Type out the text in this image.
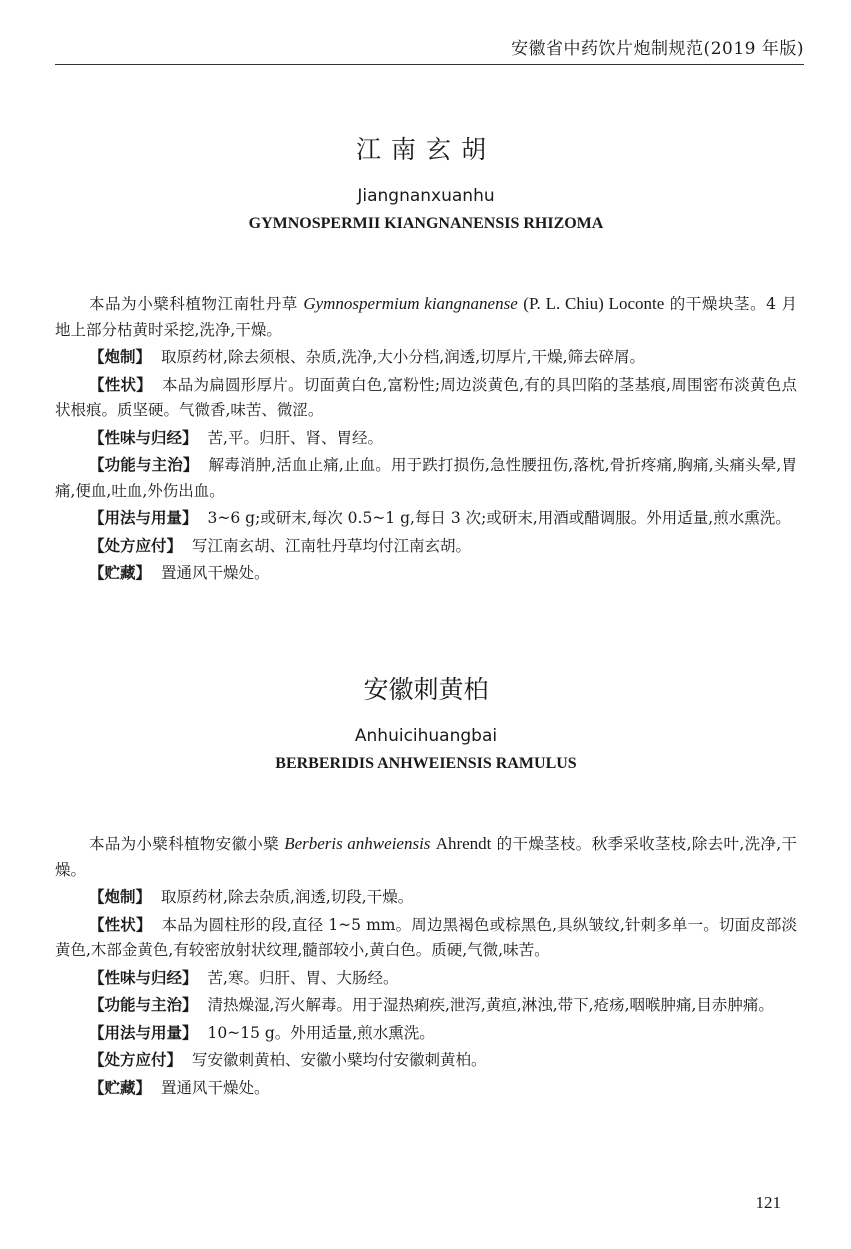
安徽省中药饮片炮制规范(2019 年版)
江南玄胡
Jiangnanxuanhu
GYMNOSPERMII KIANGNANENSIS RHIZOMA

本品为小檗科植物江南牡丹草 Gymnospermium kiangnanense (P. L. Chiu) Loconte 的干燥块茎。4 月地上部分枯黄时采挖,洗净,干燥。

【炮制】 取原药材,除去须根、杂质,洗净,大小分档,润透,切厚片,干燥,筛去碎屑。

【性状】 本品为扁圆形厚片。切面黄白色,富粉性;周边淡黄色,有的具凹陷的茎基痕,周围密布淡黄色点状根痕。质坚硬。气微香,味苦、微涩。

【性味与归经】 苦,平。归肝、肾、胃经。

【功能与主治】 解毒消肿,活血止痛,止血。用于跌打损伤,急性腰扭伤,落枕,骨折疼痛,胸痛,头痛头晕,胃痛,便血,吐血,外伤出血。

【用法与用量】 3~6 g;或研末,每次 0.5~1 g,每日 3 次;或研末,用酒或醋调服。外用适量,煎水熏洗。

【处方应付】 写江南玄胡、江南牡丹草均付江南玄胡。

【贮藏】 置通风干燥处。

安徽刺黄柏
Anhuicihuangbai
BERBERIDIS ANHWEIENSIS RAMULUS

本品为小檗科植物安徽小檗 Berberis anhweiensis Ahrendt 的干燥茎枝。秋季采收茎枝,除去叶,洗净,干燥。

【炮制】 取原药材,除去杂质,润透,切段,干燥。

【性状】 本品为圆柱形的段,直径 1~5 mm。周边黑褐色或棕黑色,具纵皱纹,针刺多单一。切面皮部淡黄色,木部金黄色,有较密放射状纹理,髓部较小,黄白色。质硬,气微,味苦。

【性味与归经】 苦,寒。归肝、胃、大肠经。

【功能与主治】 清热燥湿,泻火解毒。用于湿热痢疾,泄泻,黄疸,淋浊,带下,疮疡,咽喉肿痛,目赤肿痛。

【用法与用量】 10~15 g。外用适量,煎水熏洗。

【处方应付】 写安徽刺黄柏、安徽小檗均付安徽刺黄柏。

【贮藏】 置通风干燥处。

121
